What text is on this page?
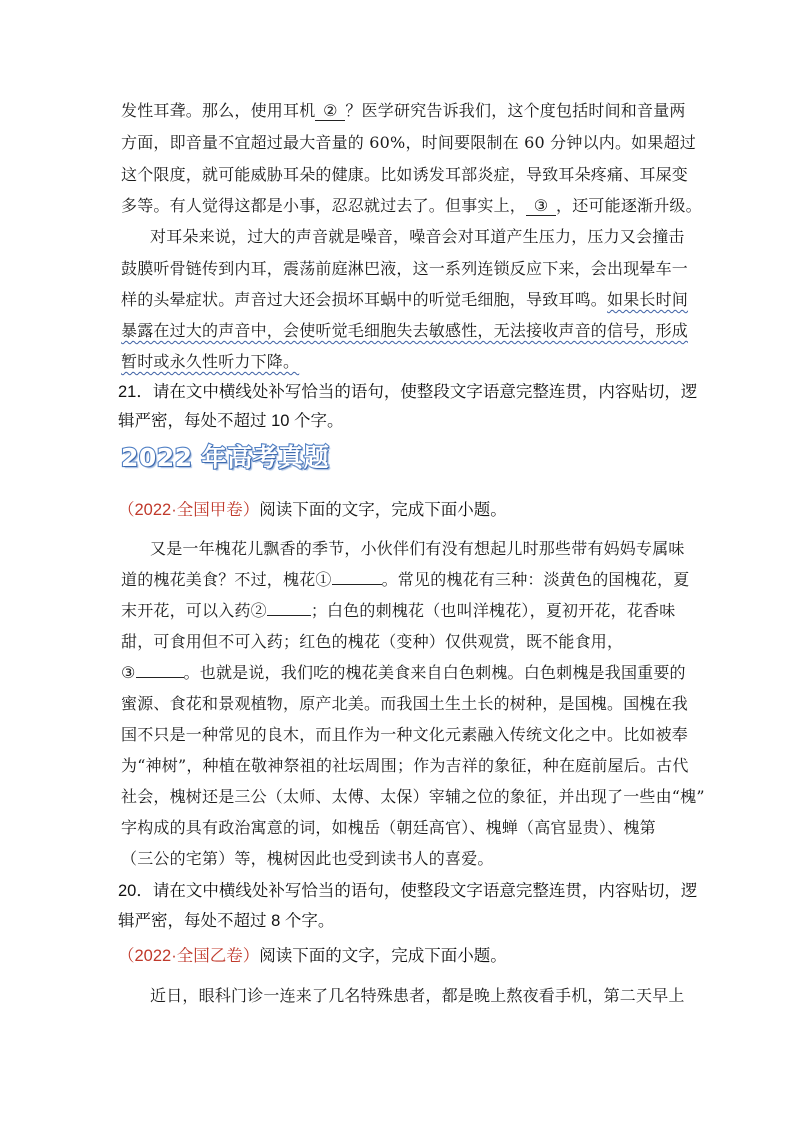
发性耳聋。那么，使用耳机 ② ？医学研究告诉我们，这个度包括时间和音量两
方面，即音量不宜超过最大音量的 60%，时间要限制在 60 分钟以内。如果超过
这个限度，就可能威胁耳朵的健康。比如诱发耳部炎症，导致耳朵疼痛、耳屎变
多等。有人觉得这都是小事，忍忍就过去了。但事实上， ③ ，还可能逐渐升级。
对耳朵来说，过大的声音就是噪音，噪音会对耳道产生压力，压力又会撞击
鼓膜听骨链传到内耳，震荡前庭淋巴液，这一系列连锁反应下来，会出现晕车一
样的头晕症状。声音过大还会损坏耳蜗中的听觉毛细胞，导致耳鸣。如果长时间
暴露在过大的声音中，会使听觉毛细胞失去敏感性，无法接收声音的信号，形成
暂时或永久性听力下降。
21．请在文中横线处补写恰当的语句，使整段文字语意完整连贯，内容贴切，逻
辑严密，每处不超过 10 个字。
2022 年高考真题
（2022·全国甲卷）阅读下面的文字，完成下面小题。
又是一年槐花儿飘香的季节，小伙伴们有没有想起儿时那些带有妈妈专属味
道的槐花美食？不过，槐花①	。常见的槐花有三种：淡黄色的国槐花，夏
末开花，可以入药②	；白色的刺槐花（也叫洋槐花），夏初开花，花香味
甜，可食用但不可入药；红色的槐花（变种）仅供观赏，既不能食用，
③	。也就是说，我们吃的槐花美食来自白色刺槐。白色刺槐是我国重要的
蜜源、食花和景观植物，原产北美。而我国土生土长的树种，是国槐。国槐在我
国不只是一种常见的良木，而且作为一种文化元素融入传统文化之中。比如被奉
为“神树”，种植在敬神祭祖的社坛周围；作为吉祥的象征，种在庭前屋后。古代
社会，槐树还是三公（太师、太傅、太保）宰辅之位的象征，并出现了一些由“槐”
字构成的具有政治寓意的词，如槐岳（朝廷高官）、槐蝉（高官显贵）、槐第
（三公的宅第）等，槐树因此也受到读书人的喜爱。
20．请在文中横线处补写恰当的语句，使整段文字语意完整连贯，内容贴切，逻
辑严密，每处不超过 8 个字。
（2022·全国乙卷）阅读下面的文字，完成下面小题。
近日，眼科门诊一连来了几名特殊患者，都是晚上熬夜看手机，第二天早上
